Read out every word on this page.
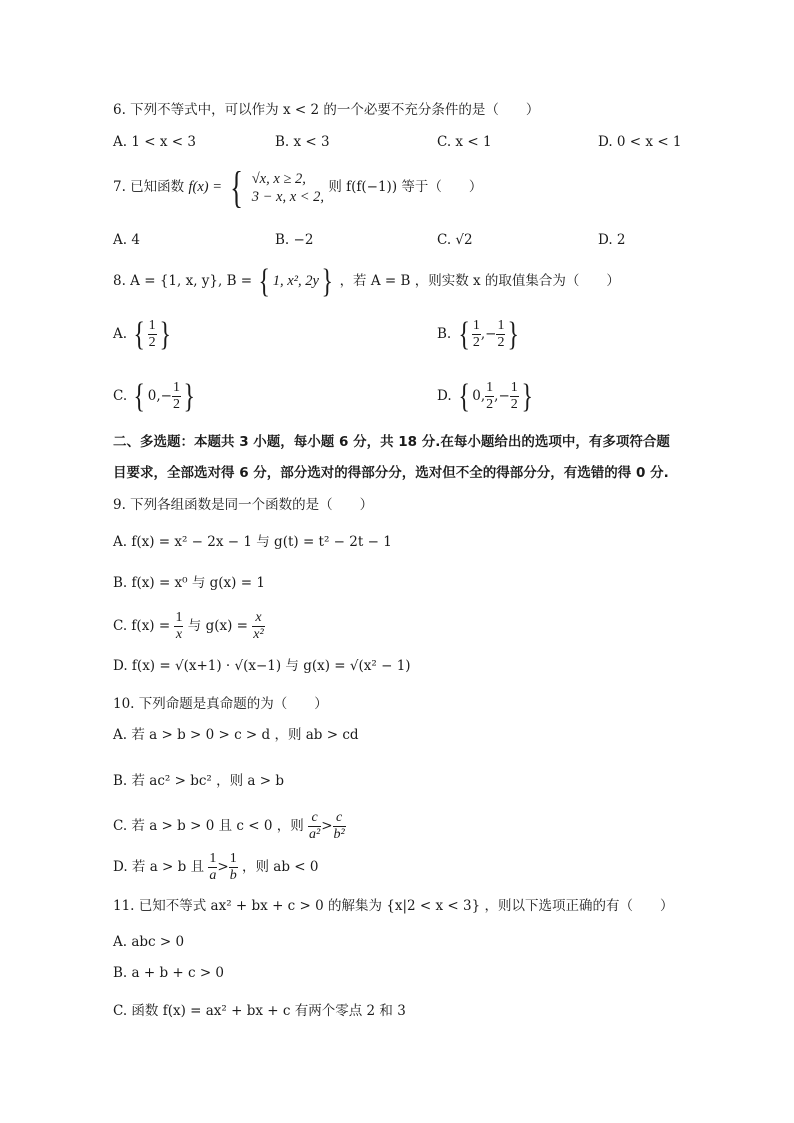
6. 下列不等式中，可以作为 x < 2 的一个必要不充分条件的是（　　）
A. 1 < x < 3	B. x < 3	C. x < 1	D. 0 < x < 1
7. 已知函数 f(x) = { √x, x ≥ 2,
3 − x, x < 2,
则 f(f(−1)) 等于（　　）
A. 4	B. −2	C. √2	D. 2
8. A = {1, x, y}, B = { 1, x², 2y} ，若 A = B ，则实数 x 的取值集合为（　　）
A. { $\frac{1}{2}$ }	B. { $\frac{1}{2}$ ,− $\frac{1}{2}$ }
C. { $0,- \frac{1}{2}$ }	D. { 0, $\frac{1}{2}$ ,− $\frac{1}{2}$ }
二、多选题：本题共 3 小题，每小题 6 分，共 18 分.在每小题给出的选项中，有多项符合题
目要求，全部选对得 6 分，部分选对的得部分分，选对但不全的得部分分，有选错的得 0 分.
9. 下列各组函数是同一个函数的是（　　）
A. f(x) = x² − 2x − 1 与 g(t) = t² − 2t − 1
B. f(x) = x⁰ 与 g(x) = 1
C. $f(x) = \frac{1}{x}$ 与 $g(x) = \frac{x}{\text{x²}}$
D. f(x) = √(x+1) · √(x−1) 与 g(x) = √(x² − 1)
10. 下列命题是真命题的为（　　）
A. 若 a > b > 0 > c > d ，则 ab > cd
B. 若 ac² > bc² ，则 a > b
C. 若 a > b > 0 且 c < 0 ，则 $\frac{c}{\text{a²}} > \frac{c}{\text{b²}}$
D. 若 a > b 且 $\frac{1}{a} > \frac{1}{b}$ ，则 ab < 0
11. 已知不等式 ax² + bx + c > 0 的解集为 {x|2 < x < 3} ，则以下选项正确的有（　　）
A. abc > 0
B. a + b + c > 0
C. 函数 f(x) = ax² + bx + c 有两个零点 2 和 3
